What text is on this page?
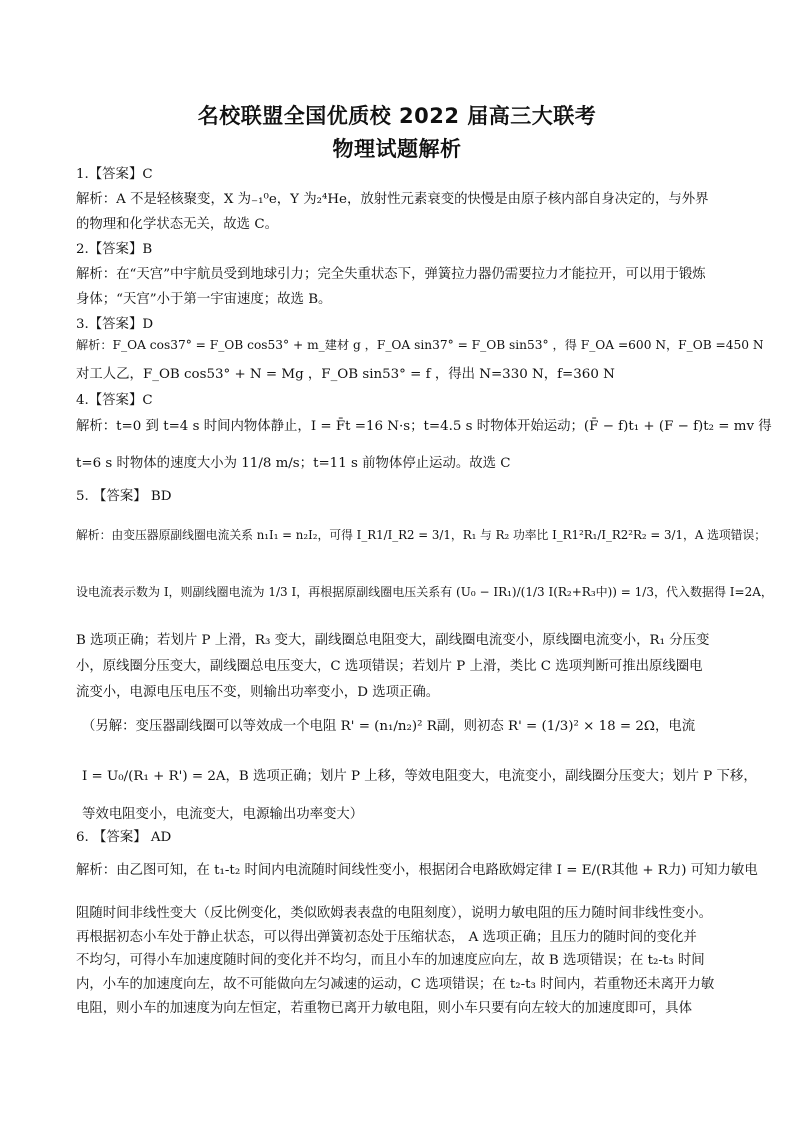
名校联盟全国优质校 2022 届高三大联考
物理试题解析
1.【答案】C
解析：A 不是轻核聚变，X 为₋₁⁰e，Y 为₂⁴He，放射性元素衰变的快慢是由原子核内部自身决定的，与外界
的物理和化学状态无关，故选 C。
2.【答案】B
解析：在“天宫”中宇航员受到地球引力；完全失重状态下，弹簧拉力器仍需要拉力才能拉开，可以用于锻炼
身体；“天宫”小于第一宇宙速度；故选 B。
3.【答案】D
解析：F_OA cos37° = F_OB cos53° + m_建材 g ，F_OA sin37° = F_OB sin53° ，得 F_OA =600 N，F_OB =450 N
对工人乙，F_OB cos53° + N = Mg ，F_OB sin53° = f ，得出 N=330 N，f=360 N
4.【答案】C
解析：t=0 到 t=4 s 时间内物体静止，I = F̄t =16 N·s；t=4.5 s 时物体开始运动；(F̄ − f)t₁ + (F − f)t₂ = mv 得
t=6 s 时物体的速度大小为 11/8 m/s；t=11 s 前物体停止运动。故选 C
5. 【答案】 BD
解析：由变压器原副线圈电流关系 n₁I₁ = n₂I₂，可得 I_R1/I_R2 = 3/1，R₁ 与 R₂ 功率比 I_R1²R₁/I_R2²R₂ = 3/1，A 选项错误；
设电流表示数为 I，则副线圈电流为 1/3 I，再根据原副线圈电压关系有 (U₀ − IR₁)/(1/3 I(R₂+R₃中)) = 1/3，代入数据得 I=2A，
B 选项正确；若划片 P 上滑，R₃ 变大，副线圈总电阻变大，副线圈电流变小，原线圈电流变小，R₁ 分压变
小，原线圈分压变大，副线圈总电压变大，C 选项错误；若划片 P 上滑，类比 C 选项判断可推出原线圈电
流变小，电源电压电压不变，则输出功率变小，D 选项正确。
（另解：变压器副线圈可以等效成一个电阻 R' = (n₁/n₂)² R副，则初态 R' = (1/3)² × 18 = 2Ω，电流
I = U₀/(R₁ + R') = 2A，B 选项正确；划片 P 上移，等效电阻变大，电流变小，副线圈分压变大；划片 P 下移，
等效电阻变小，电流变大，电源输出功率变大）
6. 【答案】 AD
解析：由乙图可知，在 t₁-t₂ 时间内电流随时间线性变小，根据闭合电路欧姆定律 I = E/(R其他 + R力) 可知力敏电
阻随时间非线性变大（反比例变化，类似欧姆表表盘的电阻刻度），说明力敏电阻的压力随时间非线性变小。
再根据初态小车处于静止状态，可以得出弹簧初态处于压缩状态， A 选项正确；且压力的随时间的变化并
不均匀，可得小车加速度随时间的变化并不均匀，而且小车的加速度应向左，故 B 选项错误；在 t₂-t₃ 时间
内，小车的加速度向左，故不可能做向左匀减速的运动，C 选项错误；在 t₂-t₃ 时间内，若重物还未离开力敏
电阻，则小车的加速度为向左恒定，若重物已离开力敏电阻，则小车只要有向左较大的加速度即可，具体
